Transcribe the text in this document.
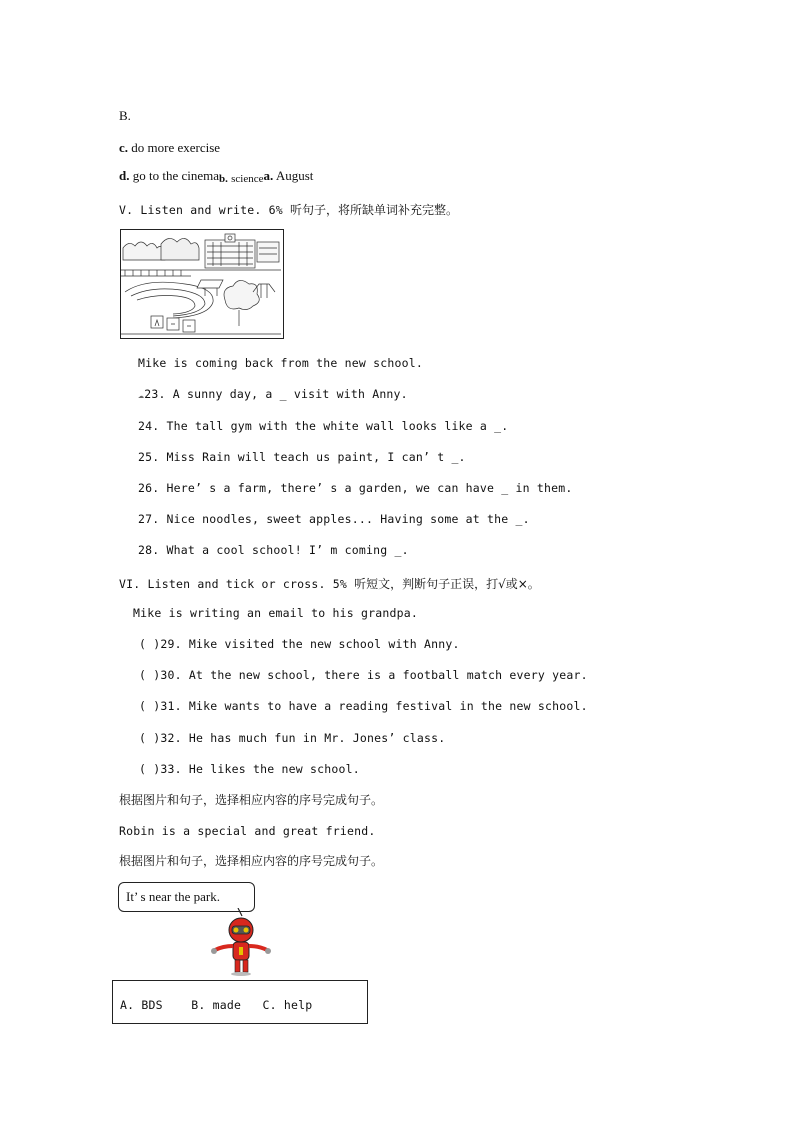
B.
c. do more exercise
d. go to the cinemab. sciencea. August
V. Listen and write. 6% 听句子，将所缺单词补充完整。
Mike is coming back from the new school.
☁23. A sunny day, a _ visit with Anny.
24. The tall gym with the white wall looks like a _.
25. Miss Rain will teach us paint, I can’ t _.
26. Here’ s a farm, there’ s a garden, we can have _ in them.
27. Nice noodles, sweet apples... Having some at the _.
28. What a cool school! I’ m coming _.
VI. Listen and tick or cross. 5% 听短文，判断句子正误，打√或×。
Mike is writing an email to his grandpa.
( )29. Mike visited the new school with Anny.
( )30. At the new school, there is a football match every year.
( )31. Mike wants to have a reading festival in the new school.
( )32. He has much fun in Mr. Jones’ class.
( )33. He likes the new school.
根据图片和句子，选择相应内容的序号完成句子。
Robin is a special and great friend.
根据图片和句子，选择相应内容的序号完成句子。
It’ s near the park.
A. BDS    B. made   C. help
